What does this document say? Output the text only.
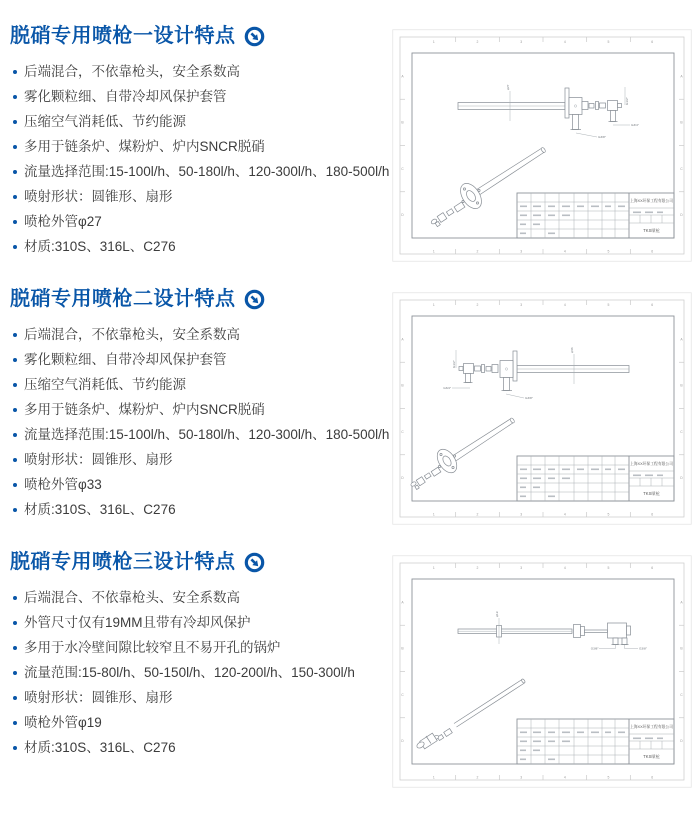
脱硝专用喷枪一设计特点
后端混合，不依靠枪头，安全系数高
雾化颗粒细、自带冷却风保护套管
压缩空气消耗低、节约能源
多用于链条炉、煤粉炉、炉内SNCR脱硝
流量选择范围:15-100l/h、50-180l/h、120-300l/h、180-500l/h
喷射形状：圆锥形、扇形
喷枪外管φ27
材质:310S、316L、C276
1
1
2
2
3
3
4
4
5
5
6
6
A	A
B	B
C	C
D	D
φ27
G1/2″
G3/4″
G3/8″
上海XX环保工程有限公司
TKS喷枪
脱硝专用喷枪二设计特点
后端混合，不依靠枪头，安全系数高
雾化颗粒细、自带冷却风保护套管
压缩空气消耗低、节约能源
多用于链条炉、煤粉炉、炉内SNCR脱硝
流量选择范围:15-100l/h、50-180l/h、120-300l/h、180-500l/h
喷射形状：圆锥形、扇形
喷枪外管φ33
材质:310S、316L、C276
1
1
2
2
3
3
4
4
5
5
6
6
A	A
B	B
C	C
D	D
φ33
G1/2″
G3/4″
G3/8″
上海XX环保工程有限公司
TKS喷枪
脱硝专用喷枪三设计特点
后端混合、不依靠枪头、安全系数高
外管尺寸仅有19MM且带有冷却风保护
多用于水冷壁间隙比较窄且不易开孔的锅炉
流量范围:15-80l/h、50-150l/h、120-200l/h、150-300l/h
喷射形状：圆锥形、扇形
喷枪外管φ19
材质:310S、316L、C276
1
1
2
2
3
3
4
4
5
5
6
6
A	A
B	B
C	C
D	D
φ19
G3/8″	G3/8″
上海XX环保工程有限公司
TKS喷枪
